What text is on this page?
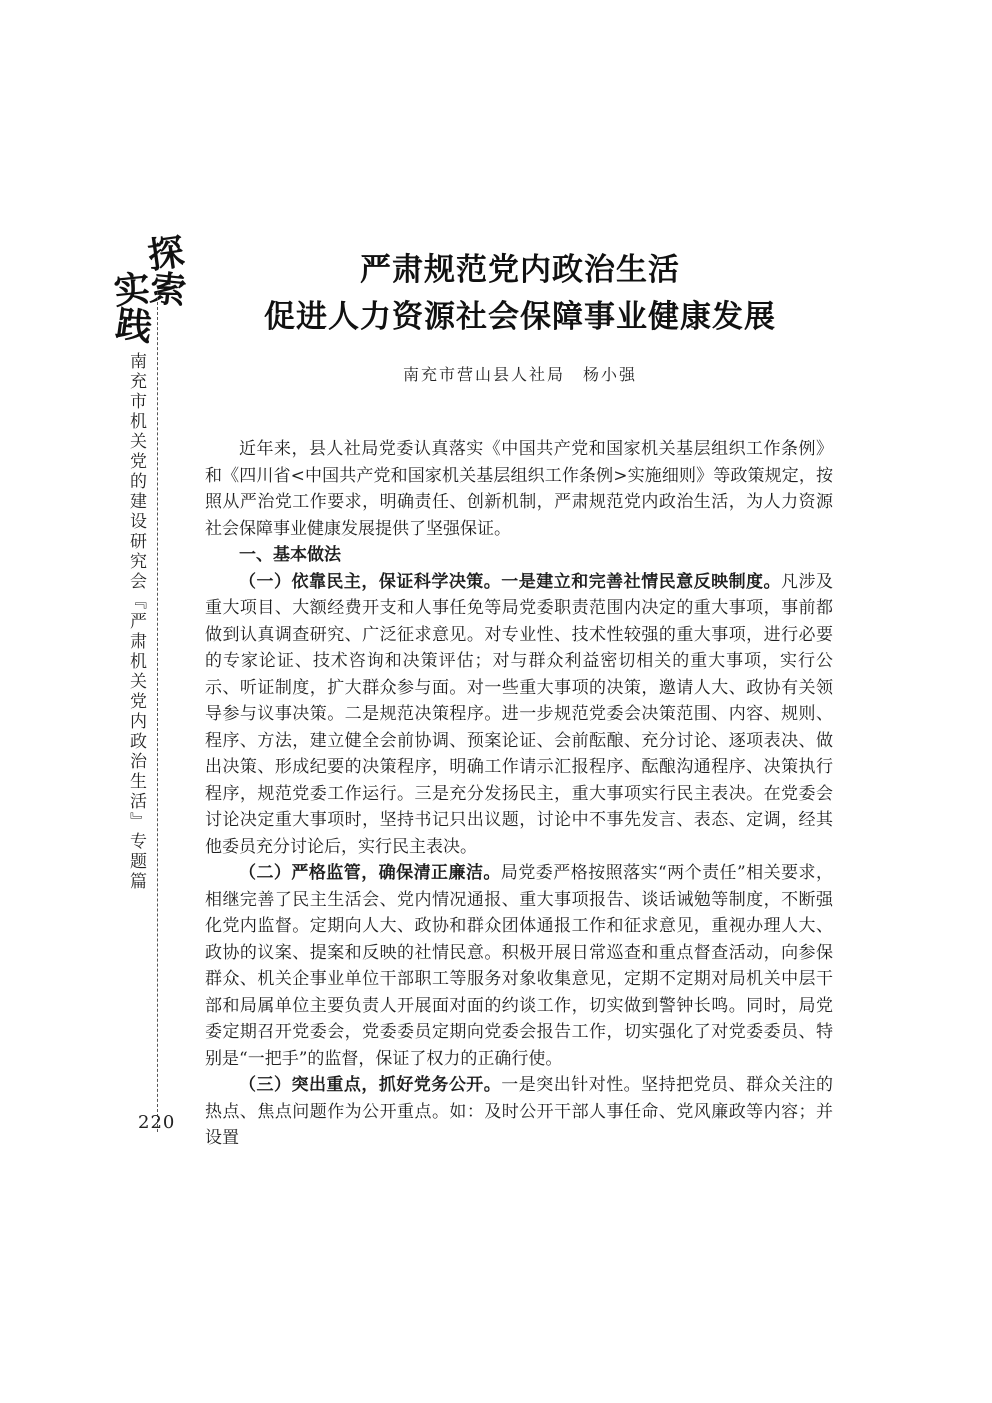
探
索
实
践
南充市机关党的建设研究会『严肃机关党内政治生活』专题篇
220
严肃规范党内政治生活
促进人力资源社会保障事业健康发展
南充市营山县人社局　杨小强

近年来，县人社局党委认真落实《中国共产党和国家机关基层组织工作条例》和《四川省<中国共产党和国家机关基层组织工作条例>实施细则》等政策规定，按照从严治党工作要求，明确责任、创新机制，严肃规范党内政治生活，为人力资源社会保障事业健康发展提供了坚强保证。

一、基本做法

（一）依靠民主，保证科学决策。一是建立和完善社情民意反映制度。凡涉及重大项目、大额经费开支和人事任免等局党委职责范围内决定的重大事项，事前都做到认真调查研究、广泛征求意见。对专业性、技术性较强的重大事项，进行必要的专家论证、技术咨询和决策评估；对与群众利益密切相关的重大事项，实行公示、听证制度，扩大群众参与面。对一些重大事项的决策，邀请人大、政协有关领导参与议事决策。二是规范决策程序。进一步规范党委会决策范围、内容、规则、程序、方法，建立健全会前协调、预案论证、会前酝酿、充分讨论、逐项表决、做出决策、形成纪要的决策程序，明确工作请示汇报程序、酝酿沟通程序、决策执行程序，规范党委工作运行。三是充分发扬民主，重大事项实行民主表决。在党委会讨论决定重大事项时，坚持书记只出议题，讨论中不事先发言、表态、定调，经其他委员充分讨论后，实行民主表决。

（二）严格监管，确保清正廉洁。局党委严格按照落实“两个责任”相关要求，相继完善了民主生活会、党内情况通报、重大事项报告、谈话诫勉等制度，不断强化党内监督。定期向人大、政协和群众团体通报工作和征求意见，重视办理人大、政协的议案、提案和反映的社情民意。积极开展日常巡查和重点督查活动，向参保群众、机关企事业单位干部职工等服务对象收集意见，定期不定期对局机关中层干部和局属单位主要负责人开展面对面的约谈工作，切实做到警钟长鸣。同时，局党委定期召开党委会，党委委员定期向党委会报告工作，切实强化了对党委委员、特别是“一把手”的监督，保证了权力的正确行使。

（三）突出重点，抓好党务公开。一是突出针对性。坚持把党员、群众关注的热点、焦点问题作为公开重点。如：及时公开干部人事任命、党风廉政等内容；并设置
